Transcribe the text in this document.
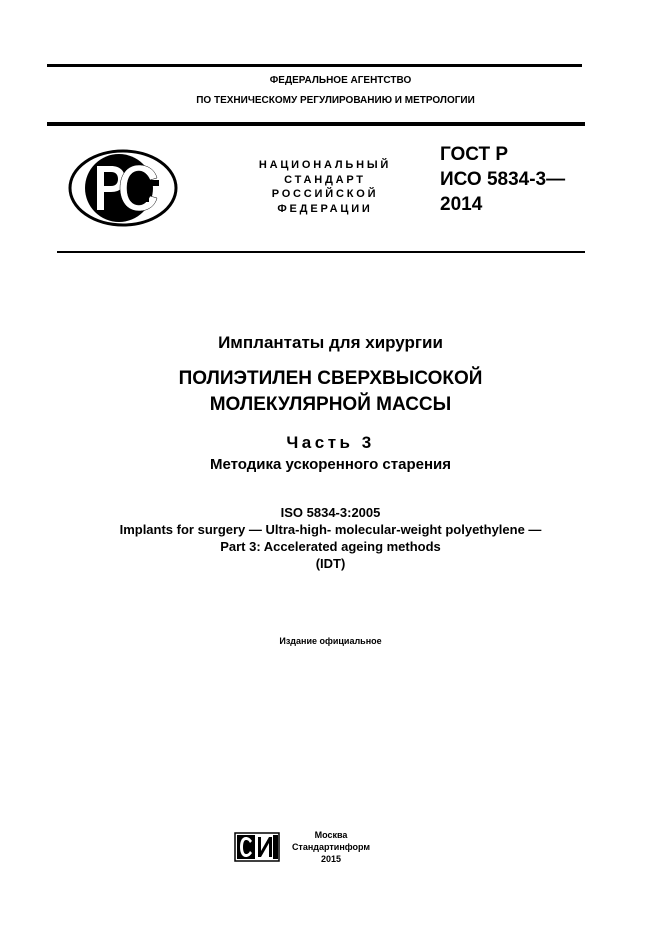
ФЕДЕРАЛЬНОЕ АГЕНТСТВО
ПО ТЕХНИЧЕСКОМУ РЕГУЛИРОВАНИЮ И МЕТРОЛОГИИ
НАЦИОНАЛЬНЫЙ
СТАНДАРТ
РОССИЙСКОЙ
ФЕДЕРАЦИИ
ГОСТ Р
ИСО 5834-3—
2014
Имплантаты для хирургии
ПОЛИЭТИЛЕН СВЕРХВЫСОКОЙ
МОЛЕКУЛЯРНОЙ МАССЫ
Часть 3
Методика ускоренного старения
ISO 5834-3:2005
Implants for surgery — Ultra-high- molecular-weight polyethylene —
Part 3: Accelerated ageing methods
(IDT)
Издание официальное
Москва
Стандартинформ
2015
